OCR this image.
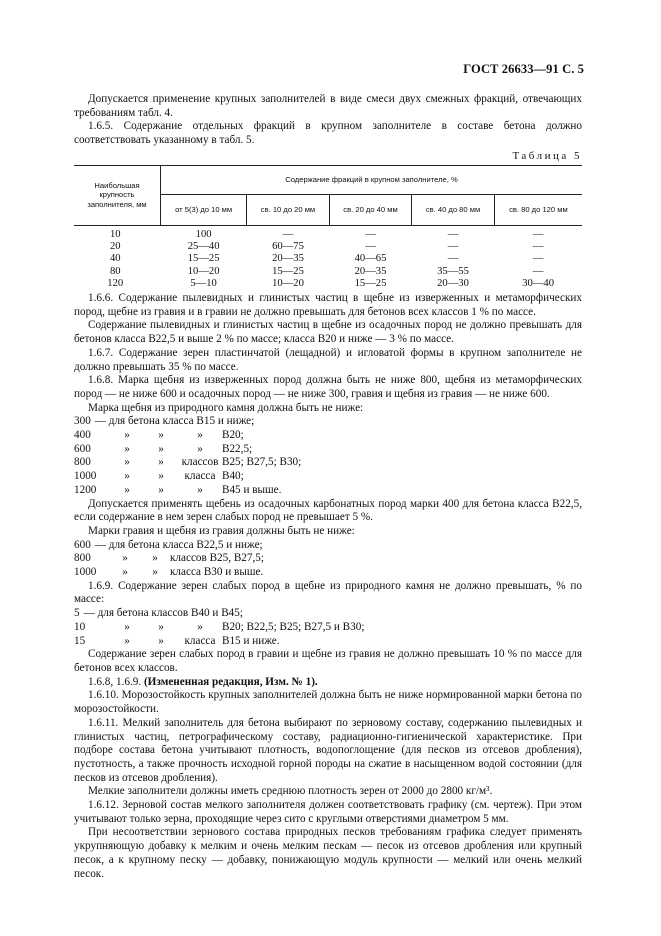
ГОСТ 26633—91 С. 5

Допускается применение крупных заполнителей в виде смеси двух смежных фракций, отвечающих требованиям табл. 4.

1.6.5. Содержание отдельных фракций в крупном заполнителе в составе бетона должно соответствовать указанному в табл. 5.

Таблица 5
Наибольшая крупность заполнителя, мм	Содержание фракций в крупном заполнителе, %				
	от 5(3) до 10 мм	св. 10 до 20 мм	св. 20 до 40 мм	св. 40 до 80 мм	св. 80 до 120 мм
10	100	—	—	—	—
20	25—40	60—75	—	—	—
40	15—25	20—35	40—65	—	—
80	10—20	15—25	20—35	35—55	—
120	5—10	10—20	15—25	20—30	30—40

1.6.6. Содержание пылевидных и глинистых частиц в щебне из изверженных и метаморфических пород, щебне из гравия и в гравии не должно превышать для бетонов всех классов 1 % по массе.

Содержание пылевидных и глинистых частиц в щебне из осадочных пород не должно превышать для бетонов класса В22,5 и выше 2 % по массе; класса В20 и ниже — 3 % по массе.

1.6.7. Содержание зерен пластинчатой (лещадной) и игловатой формы в крупном заполнителе не должно превышать 35 % по массе.

1.6.8. Марка щебня из изверженных пород должна быть не ниже 800, щебня из метаморфических пород — не ниже 600 и осадочных пород — не ниже 300, гравия и щебня из гравия — не ниже 600.

Марка щебня из природного камня должна быть не ниже:

300 — для бетона класса В15 и ниже;
400	»	»	» В20;
600	»	»	» В22,5;
800	»	» классов В25; В27,5; В30;
1000 »	» класса В40;
1200 »	»	» В45 и выше.

Допускается применять щебень из осадочных карбонатных пород марки 400 для бетона класса В22,5, если содержание в нем зерен слабых пород не превышает 5 %.

Марки гравия и щебня из гравия должны быть не ниже:

600 — для бетона класса В22,5 и ниже;
800	» » классов В25, В27,5;
1000 » » класса В30 и выше.

1.6.9. Содержание зерен слабых пород в щебне из природного камня не должно превышать, % по массе:

5 — для бетона классов В40 и В45;
10	»	»	» В20; В22,5; В25; В27,5 и В30;
15	»	» класса В15 и ниже.

Содержание зерен слабых пород в гравии и щебне из гравия не должно превышать 10 % по массе для бетонов всех классов.

1.6.8, 1.6.9. (Измененная редакция, Изм. № 1).

1.6.10. Морозостойкость крупных заполнителей должна быть не ниже нормированной марки бетона по морозостойкости.

1.6.11. Мелкий заполнитель для бетона выбирают по зерновому составу, содержанию пылевидных и глинистых частиц, петрографическому составу, радиационно-гигиенической характеристике. При подборе состава бетона учитывают плотность, водопоглощение (для песков из отсевов дробления), пустотность, а также прочность исходной горной породы на сжатие в насыщенном водой состоянии (для песков из отсевов дробления).

Мелкие заполнители должны иметь среднюю плотность зерен от 2000 до 2800 кг/м³.

1.6.12. Зерновой состав мелкого заполнителя должен соответствовать графику (см. чертеж). При этом учитывают только зерна, проходящие через сито с круглыми отверстиями диаметром 5 мм.

При несоответствии зернового состава природных песков требованиям графика следует применять укрупняющую добавку к мелким и очень мелким пескам — песок из отсевов дробления или крупный песок, а к крупному песку — добавку, понижающую модуль крупности — мелкий или очень мелкий песок.
